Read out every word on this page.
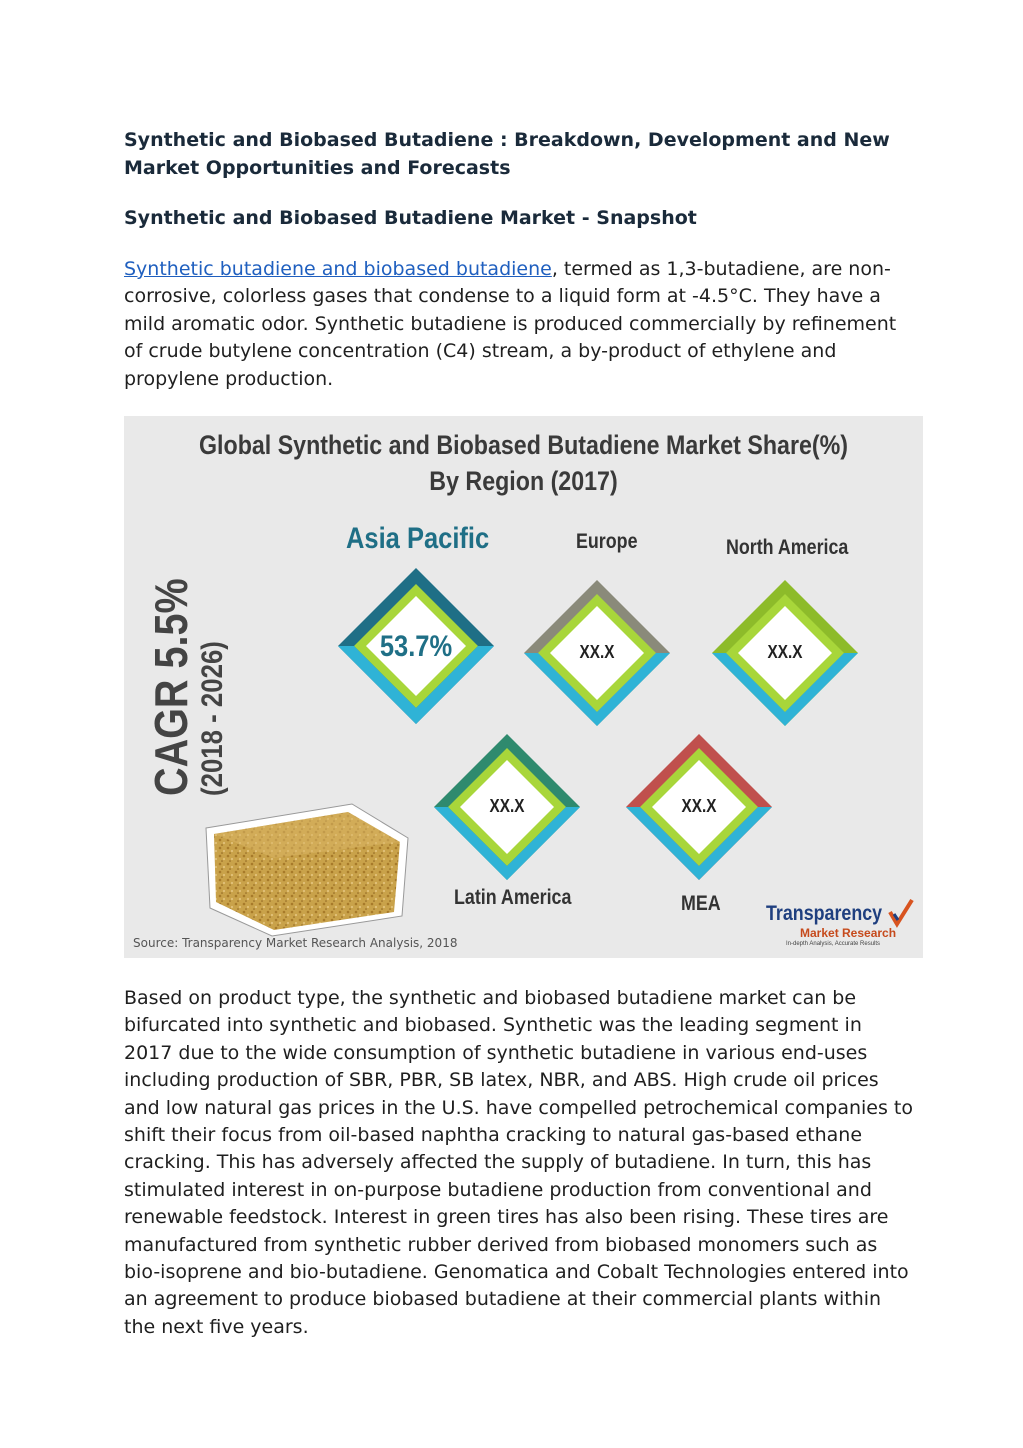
Synthetic and Biobased Butadiene : Breakdown, Development and New Market Opportunities and Forecasts
Synthetic and Biobased Butadiene Market - Snapshot

Synthetic butadiene and biobased butadiene, termed as 1,3-butadiene, are non-corrosive, colorless gases that condense to a liquid form at -4.5°C. They have a mild aromatic odor. Synthetic butadiene is produced commercially by refinement of crude butylene concentration (C4) stream, a by-product of ethylene and propylene production.

Based on product type, the synthetic and biobased butadiene market can be bifurcated into synthetic and biobased. Synthetic was the leading segment in 2017 due to the wide consumption of synthetic butadiene in various end-uses including production of SBR, PBR, SB latex, NBR, and ABS. High crude oil prices and low natural gas prices in the U.S. have compelled petrochemical companies to shift their focus from oil-based naphtha cracking to natural gas-based ethane cracking. This has adversely affected the supply of butadiene. In turn, this has stimulated interest in on-purpose butadiene production from conventional and renewable feedstock. Interest in green tires has also been rising. These tires are manufactured from synthetic rubber derived from biobased monomers such as bio-isoprene and bio-butadiene. Genomatica and Cobalt Technologies entered into an agreement to produce biobased butadiene at their commercial plants within the next five years.

Global Synthetic and Biobased Butadiene Market Share(%)
By Region (2017)
CAGR 5.5% (2018 - 2026)
Asia Pacific	Europe	North America
Latin America	MEA
53.7%	XX.X	XX.X
XX.X	XX.X
Source: Transparency Market Research Analysis, 2018
Transparency
Market Research
In-depth Analysis, Accurate Results
